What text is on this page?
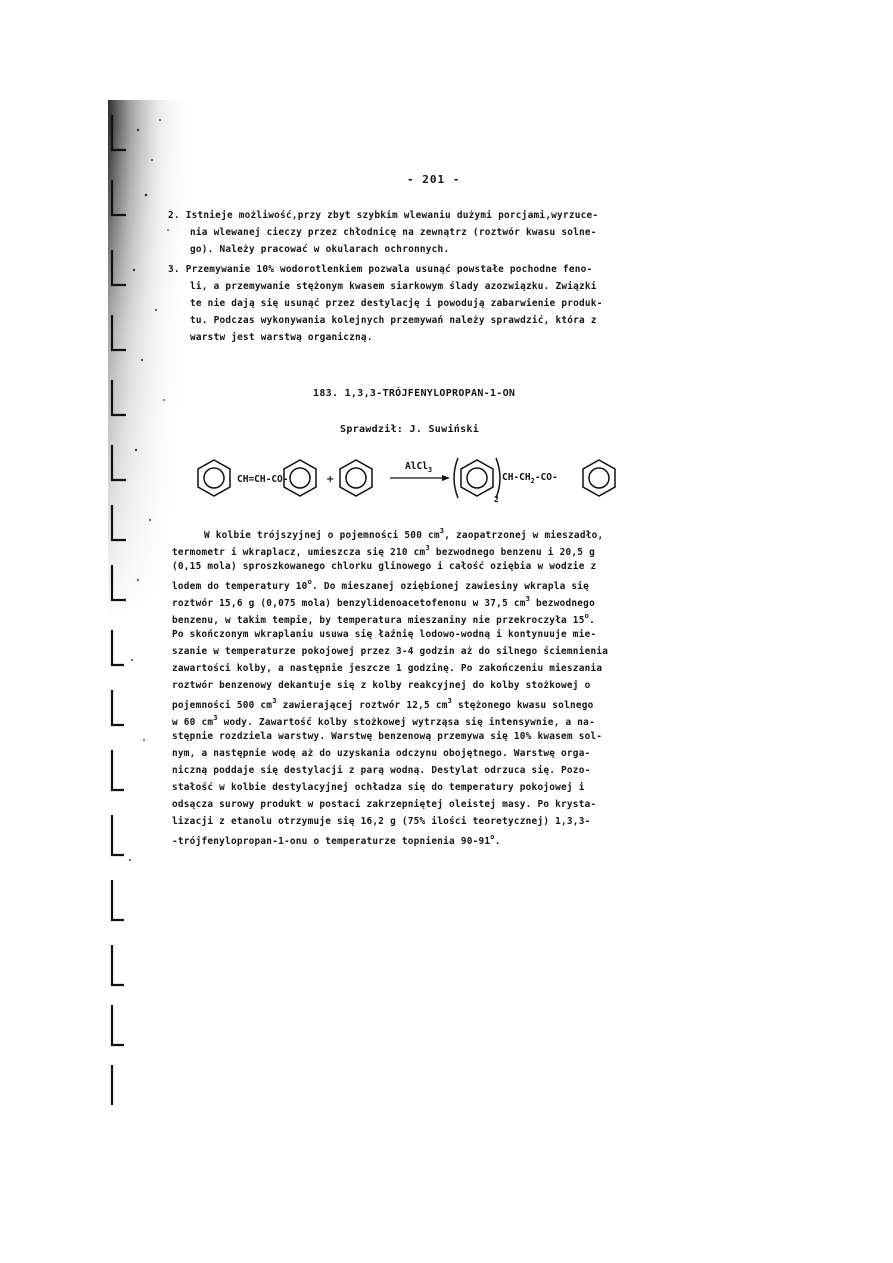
- 201 -
2. Istnieje możliwość,przy zbyt szybkim wlewaniu dużymi porcjami,wyrzuce-
nia wlewanej cieczy przez chłodnicę na zewnątrz (roztwór kwasu solne-
go). Należy pracować w okularach ochronnych.
3. Przemywanie 10% wodorotlenkiem pozwala usunąć powstałe pochodne feno-
li, a przemywanie stężonym kwasem siarkowym ślady azozwiązku. Związki
te nie dają się usunąć przez destylację i powodują zabarwienie produk-
tu. Podczas wykonywania kolejnych przemywań należy sprawdzić, która z
warstw jest warstwą organiczną.
183. 1,3,3-TRÓJFENYLOPROPAN-1-ON
Sprawdził: J. Suwiński
CH=CH-CO-	+
AlCl$_3$
2
$CH-CH_2-CO-$
W kolbie trójszyjnej o pojemności 500 $cm^3$, zaopatrzonej w mieszadło,
termometr i wkraplacz, umieszcza się 210 $cm^3$ bezwodnego benzenu i 20,5 g
(0,15 mola) sproszkowanego chlorku glinowego i całość oziębia w wodzie z
lodem do temperatury 10$^o$. Do mieszanej oziębionej zawiesiny wkrapla się
roztwór 15,6 g (0,075 mola) benzylidenoacetofenonu w 37,5 $cm^3$ bezwodnego
benzenu, w takim tempie, by temperatura mieszaniny nie przekroczyła 15$^o$.
Po skończonym wkraplaniu usuwa się łaźnię lodowo-wodną i kontynuuje mie-
szanie w temperaturze pokojowej przez 3-4 godzin aż do silnego ściemnienia
zawartości kolby, a następnie jeszcze 1 godzinę. Po zakończeniu mieszania
roztwór benzenowy dekantuje się z kolby reakcyjnej do kolby stożkowej o
pojemności 500 $cm^3$ zawierającej roztwór 12,5 $cm^3$ stężonego kwasu solnego
w 60 $cm^3$ wody. Zawartość kolby stożkowej wytrząsa się intensywnie, a na-
stępnie rozdziela warstwy. Warstwę benzenową przemywa się 10% kwasem sol-
nym, a następnie wodę aż do uzyskania odczynu obojętnego. Warstwę orga-
niczną poddaje się destylacji z parą wodną. Destylat odrzuca się. Pozo-
stałość w kolbie destylacyjnej ochładza się do temperatury pokojowej i
odsącza surowy produkt w postaci zakrzepniętej oleistej masy. Po krysta-
lizacji z etanolu otrzymuje się 16,2 g (75% ilości teoretycznej) 1,3,3-
-trójfenylopropan-1-onu o temperaturze topnienia 90-91$^o$.
